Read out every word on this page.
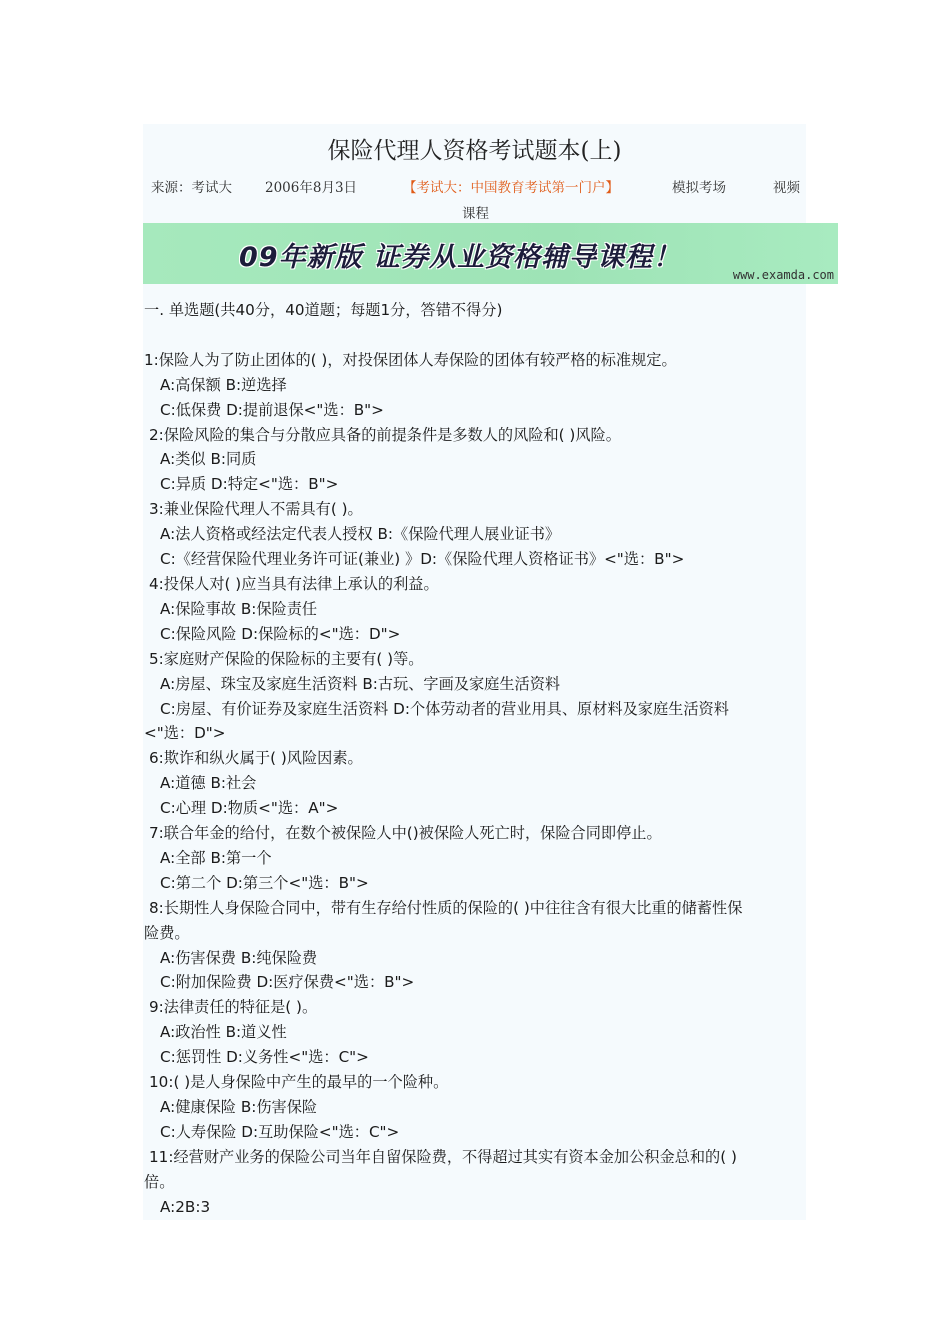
保险代理人资格考试题本(上)
来源：考试大 2006年8月3日	【考试大：中国教育考试第一门户】	模拟考场	视频
课程
09年新版 证券从业资格辅导课程！
www.examda.com
一. 单选题(共40分，40道题；每题1分，答错不得分)

1:保险人为了防止团体的( )，对投保团体人寿保险的团体有较严格的标准规定。
A:高保额 B:逆选择
C:低保费 D:提前退保<"选：B">
2:保险风险的集合与分散应具备的前提条件是多数人的风险和( )风险。
A:类似 B:同质
C:异质 D:特定<"选：B">
3:兼业保险代理人不需具有( )。
A:法人资格或经法定代表人授权 B:《保险代理人展业证书》
C:《经营保险代理业务许可证(兼业) 》D:《保险代理人资格证书》<"选：B">
4:投保人对( )应当具有法律上承认的利益。
A:保险事故 B:保险责任
C:保险风险 D:保险标的<"选：D">
5:家庭财产保险的保险标的主要有( )等。
A:房屋、珠宝及家庭生活资料 B:古玩、字画及家庭生活资料
C:房屋、有价证券及家庭生活资料 D:个体劳动者的营业用具、原材料及家庭生活资料
<"选：D">
6:欺诈和纵火属于( )风险因素。
A:道德 B:社会
C:心理 D:物质<"选：A">
7:联合年金的给付，在数个被保险人中()被保险人死亡时，保险合同即停止。
A:全部 B:第一个
C:第二个 D:第三个<"选：B">
8:长期性人身保险合同中，带有生存给付性质的保险的( )中往往含有很大比重的储蓄性保
险费。
A:伤害保费 B:纯保险费
C:附加保险费 D:医疗保费<"选：B">
9:法律责任的特征是( )。
A:政治性 B:道义性
C:惩罚性 D:义务性<"选：C">
10:( )是人身保险中产生的最早的一个险种。
A:健康保险 B:伤害保险
C:人寿保险 D:互助保险<"选：C">
11:经营财产业务的保险公司当年自留保险费，不得超过其实有资本金加公积金总和的( )
倍。
A:2B:3
